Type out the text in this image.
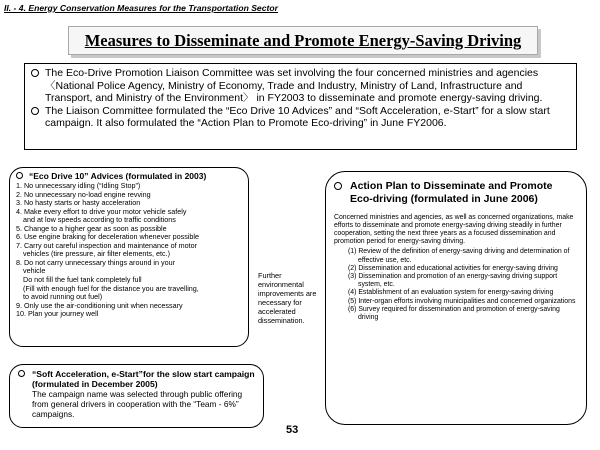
II. - 4. Energy Conservation Measures for the Transportation Sector
Measures to Disseminate and Promote Energy-Saving Driving
The Eco-Drive Promotion Liaison Committee was set involving the four concerned ministries and agencies〈National Police Agency, Ministry of Economy, Trade and Industry, Ministry of Land, Infrastructure and Transport, and Ministry of the Environment〉 in FY2003 to disseminate and promote energy-saving driving.
The Liaison Committee formulated the “Eco Drive 10 Advices” and “Soft Acceleration, e-Start” for a slow start campaign. It also formulated the “Action Plan to Promote Eco-driving” in June FY2006.
“Eco Drive 10” Advices (formulated in 2003)
1. No unnecessary idling (“Idling Stop”)
2. No unnecessary no-load engine revving
3. No hasty starts or hasty acceleration
4. Make every effort to drive your motor vehicle safely
and at low speeds according to traffic conditions
5. Change to a higher gear as soon as possible
6. Use engine braking for deceleration whenever possible
7. Carry out careful inspection and maintenance of motor
vehicles (tire pressure, air filter elements, etc.)
8. Do not carry unnecessary things around in your
vehicle
Do not fill the fuel tank completely full
(Fill with enough fuel for the distance you are travelling,
to avoid running out fuel)
9. Only use the air-conditioning unit when necessary
10. Plan your journey well
Further environmental improvements are necessary for accelerated dissemination.
Action Plan to Disseminate and Promote Eco-driving (formulated in June 2006)
Concerned ministries and agencies, as well as concerned organizations, make efforts to disseminate and promote energy-saving driving steadily in further cooperation, setting the next three years as a focused dissemination and promotion period for energy-saving driving.
(1) Review of the definition of energy-saving driving and determination of effective use, etc.
(2) Dissemination and educational activities for energy-saving driving
(3) Dissemination and promotion of an energy-saving driving support system, etc.
(4) Establishment of an evaluation system for energy-saving driving
(5) Inter-organ efforts involving municipalities and concerned organizations
(6) Survey required for dissemination and promotion of energy-saving driving
“Soft Acceleration, e-Start”for the slow start campaign (formulated in December 2005)
The campaign name was selected through public offering from general drivers in cooperation with the “Team - 6%” campaigns.
53
